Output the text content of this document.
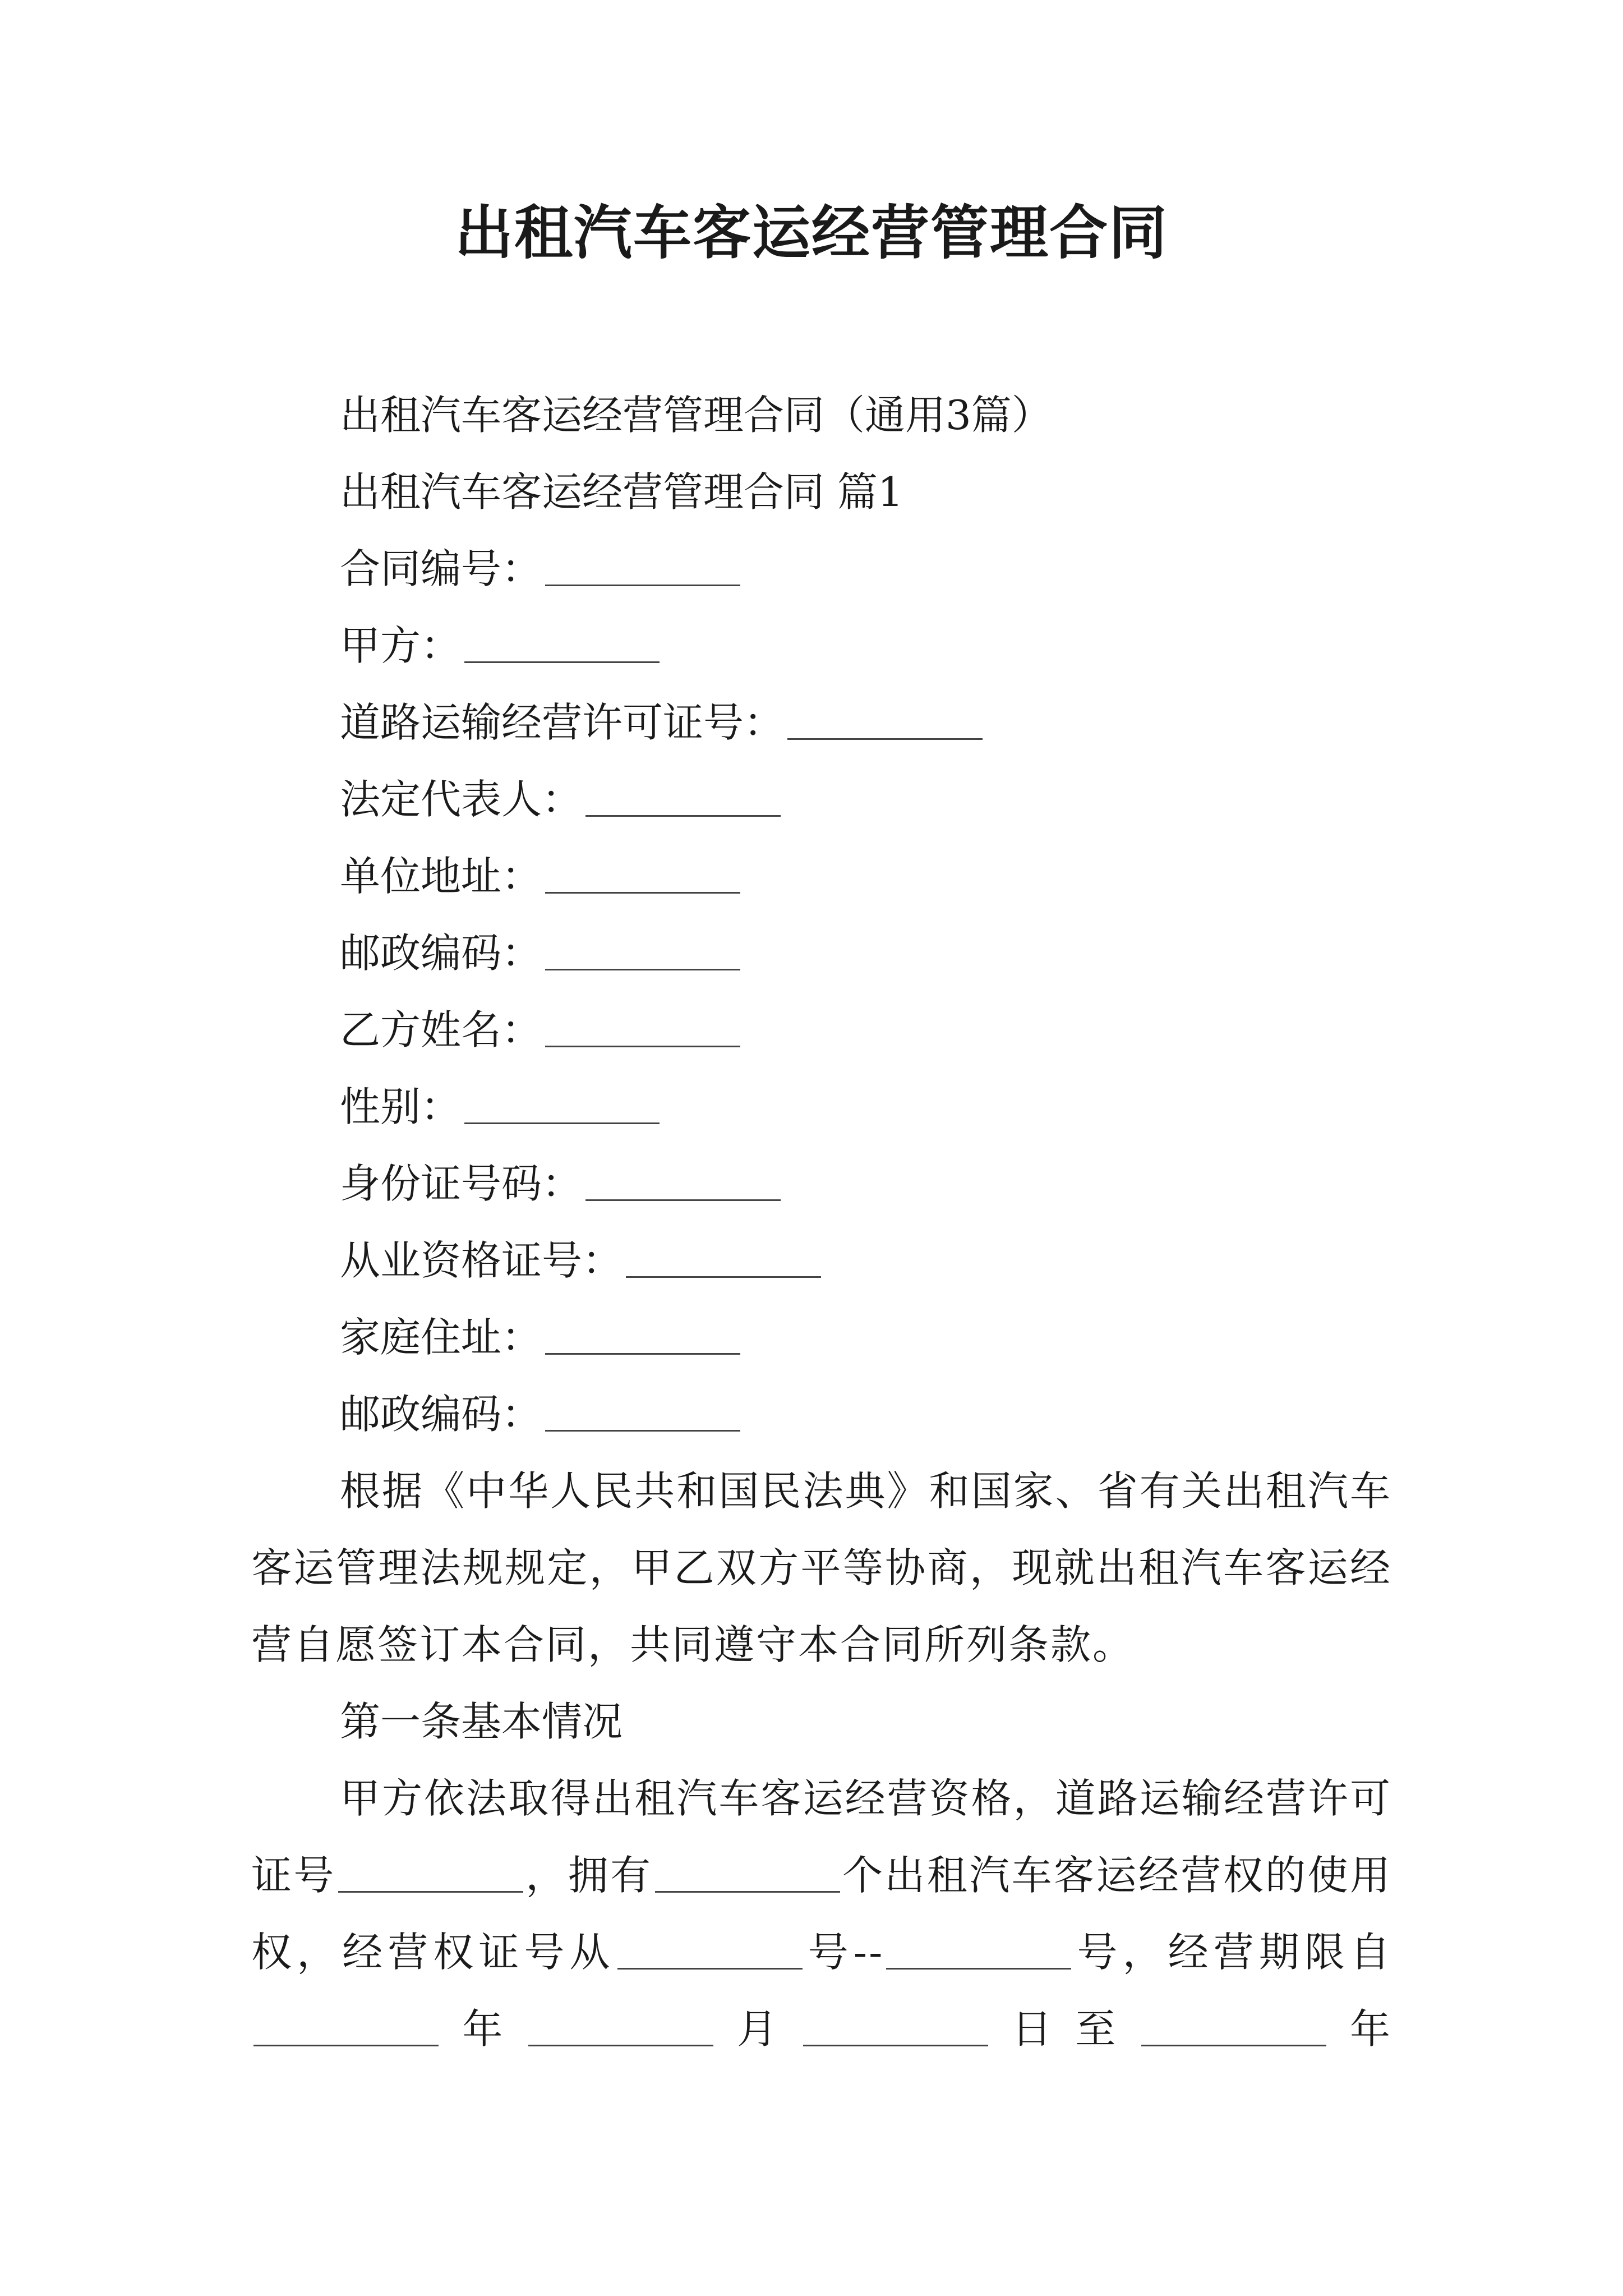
出租汽车客运经营管理合同
出租汽车客运经营管理合同（通用3篇）
出租汽车客运经营管理合同 篇1
合同编号：
甲方：
道路运输经营许可证号：
法定代表人：
单位地址：
邮政编码：
乙方姓名：
性别：
身份证号码：
从业资格证号：
家庭住址：
邮政编码：
根据《中华人民共和国民法典》和国家、省有关出租汽车客运管理法规规定，甲乙双方平等协商，现就出租汽车客运经营自愿签订本合同，共同遵守本合同所列条款。
第一条基本情况
甲方依法取得出租汽车客运经营资格，道路运输经营许可证号	，拥有	个出租汽车客运经营权的使用权，经营权证号从	号--	号，经营期限自年	月	日至	年
